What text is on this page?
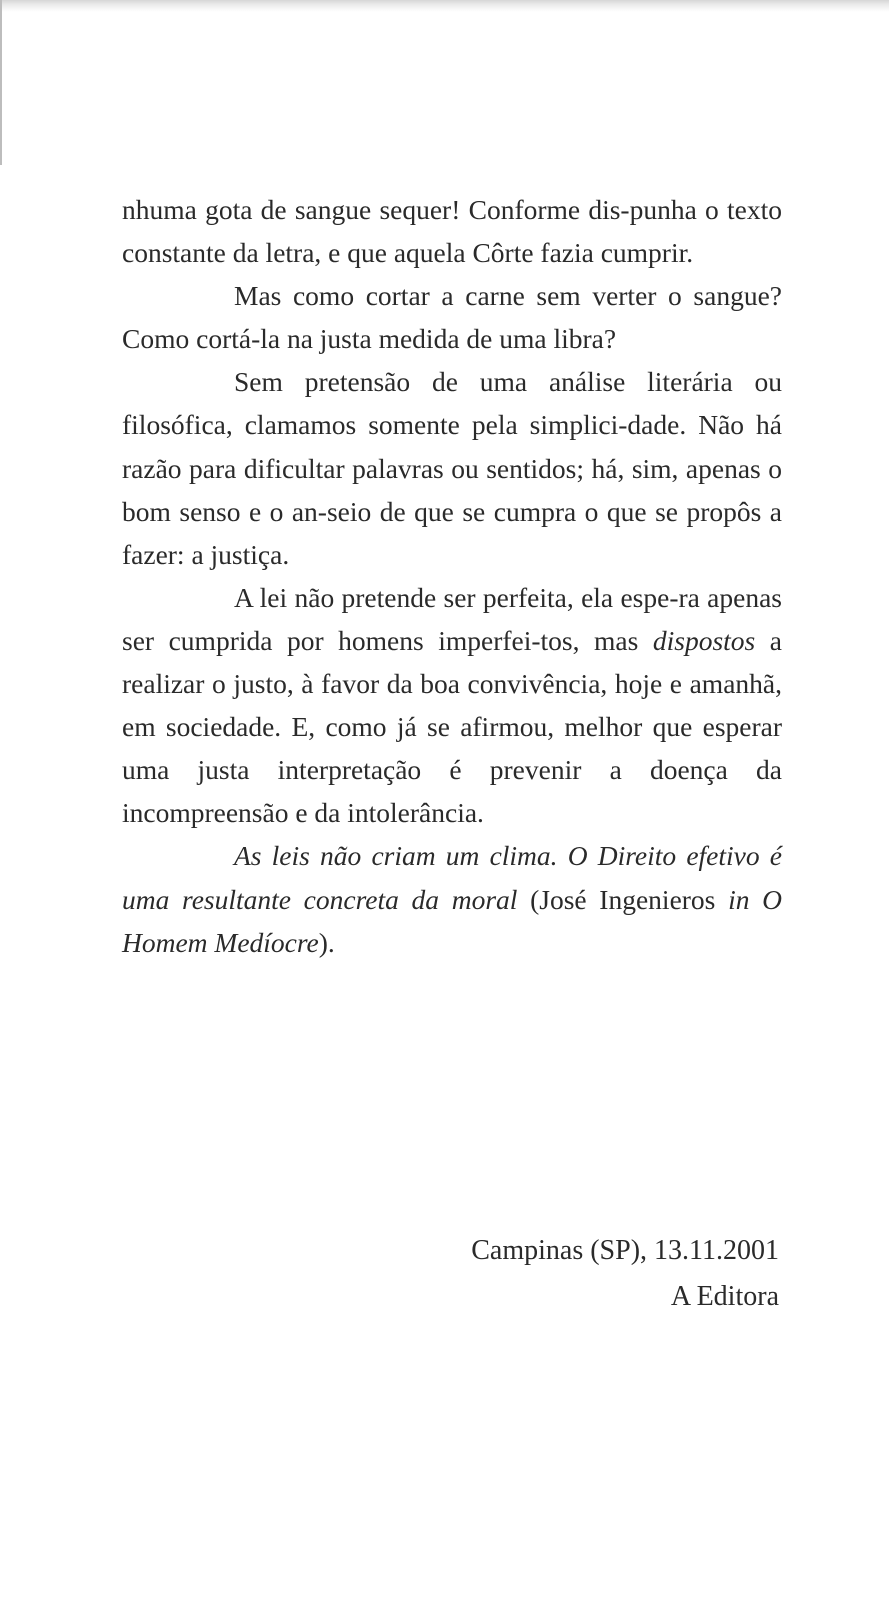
nhuma gota de sangue sequer! Conforme dis-punha o texto constante da letra, e que aquela Côrte fazia cumprir.

Mas como cortar a carne sem verter o sangue? Como cortá-la na justa medida de uma libra?

Sem pretensão de uma análise literária ou filosófica, clamamos somente pela simplici-dade. Não há razão para dificultar palavras ou sentidos; há, sim, apenas o bom senso e o an-seio de que se cumpra o que se propôs a fazer: a justiça.

A lei não pretende ser perfeita, ela espe-ra apenas ser cumprida por homens imperfei-tos, mas dispostos a realizar o justo, à favor da boa convivência, hoje e amanhã, em sociedade. E, como já se afirmou, melhor que esperar uma justa interpretação é prevenir a doença da incompreensão e da intolerância.

As leis não criam um clima. O Direito efetivo é uma resultante concreta da moral (José Ingenieros in O Homem Medíocre).

Campinas (SP), 13.11.2001
A Editora
